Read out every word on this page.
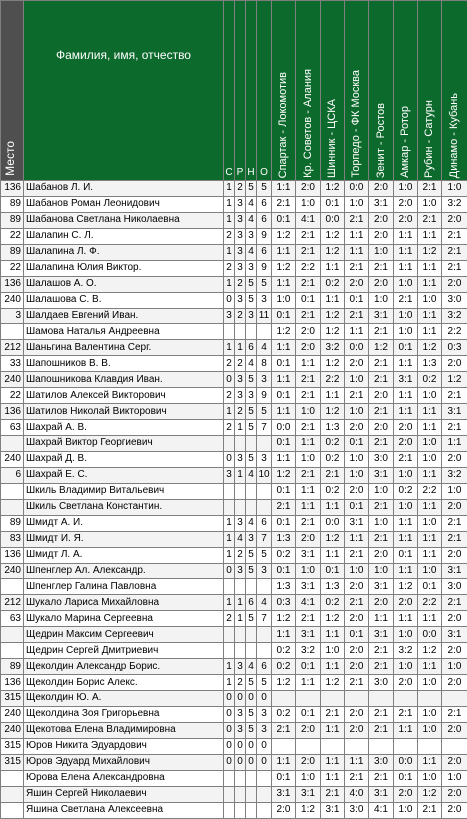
Место	Фамилия, имя, отчество	С	Р	Н	О	Спартак - Локомотив	Кр. Советов - Алания	Шинник - ЦСКА	Торпедо - ФК Москва	Зенит - Ростов	Амкар - Ротор	Рубин - Сатурн	Динамо - Кубань

136	Шабанов Л. И.	1	2	5	5	1:1	2:0	1:2	0:0	2:0	1:0	2:1	1:0
89	Шабанов Роман Леонидович	1	3	4	6	2:1	1:0	0:1	1:0	3:1	2:0	1:0	3:2
89	Шабанова Светлана Николаевна	1	3	4	6	0:1	4:1	0:0	2:1	2:0	2:0	2:1	2:0
22	Шалапин С. Л.	2	3	3	9	1:2	2:1	1:2	1:1	2:0	1:1	1:1	2:1
89	Шалапина Л. Ф.	1	3	4	6	1:1	2:1	1:2	1:1	1:0	1:1	1:2	2:1
22	Шалапина Юлия Виктор.	2	3	3	9	1:2	2:2	1:1	2:1	2:1	1:1	1:1	2:1
136	Шалашов А. О.	1	2	5	5	1:1	2:1	0:2	2:0	2:0	1:0	1:1	2:0
240	Шалашова С. В.	0	3	5	3	1:0	0:1	1:1	0:1	1:0	2:1	1:0	3:0
3	Шалдаев Евгений Иван.	3	2	3	11	0:1	2:1	1:2	2:1	3:1	1:0	1:1	3:2
	Шамова Наталья Андреевна					1:2	2:0	1:2	1:1	2:1	1:0	1:1	2:2
212	Шаньгина Валентина Серг.	1	1	6	4	1:1	2:0	3:2	0:0	1:2	0:1	1:2	0:3
33	Шапошников В. В.	2	2	4	8	0:1	1:1	1:2	2:0	2:1	1:1	1:3	2:0
240	Шапошникова Клавдия Иван.	0	3	5	3	1:1	2:1	2:2	1:0	2:1	3:1	0:2	1:2
22	Шатилов Алексей Викторович	2	3	3	9	0:1	2:1	1:1	2:1	2:0	1:1	1:0	2:1
136	Шатилов Николай Викторович	1	2	5	5	1:1	1:0	1:2	1:0	2:1	1:1	1:1	3:1
63	Шахрай А. В.	2	1	5	7	0:0	2:1	1:3	2:0	2:0	2:0	1:1	2:1
	Шахрай Виктор Георгиевич					0:1	1:1	0:2	0:1	2:1	2:0	1:0	1:1
240	Шахрай Д. В.	0	3	5	3	1:1	1:0	0:2	1:0	3:0	2:1	1:0	2:0
6	Шахрай Е. С.	3	1	4	10	1:2	2:1	2:1	1:0	3:1	1:0	1:1	3:2
	Шкиль Владимир Витальевич					0:1	1:1	0:2	2:0	1:0	0:2	2:2	1:0
	Шкиль Светлана Константин.					2:1	1:1	1:1	0:1	2:1	1:0	1:1	2:0
89	Шмидт А. И.	1	3	4	6	0:1	2:1	0:0	3:1	1:0	1:1	1:0	2:1
83	Шмидт И. Я.	1	4	3	7	1:3	2:0	1:2	1:1	2:1	1:1	1:1	2:1
136	Шмидт Л. А.	1	2	5	5	0:2	3:1	1:1	2:1	2:0	0:1	1:1	2:0
240	Шпенглер Ал. Александр.	0	3	5	3	0:1	1:0	0:1	1:0	1:0	1:1	1:0	3:1
	Шпенглер Галина Павловна					1:3	3:1	1:3	2:0	3:1	1:2	0:1	3:0
212	Шукало Лариса Михайловна	1	1	6	4	0:3	4:1	0:2	2:1	2:0	2:0	2:2	2:1
63	Шукало Марина Сергеевна	2	1	5	7	1:2	2:1	1:2	2:0	1:1	1:1	1:1	2:0
	Щедрин Максим Сергеевич					1:1	3:1	1:1	0:1	3:1	1:0	0:0	3:1
	Щедрин Сергей Дмитриевич					0:2	3:2	1:0	2:0	2:1	3:2	1:2	2:0
89	Щеколдин Александр Борис.	1	3	4	6	0:2	0:1	1:1	2:0	2:1	1:0	1:1	1:0
136	Щеколдин Борис Алекс.	1	2	5	5	1:2	1:1	1:2	2:1	3:0	2:0	1:0	2:0
315	Щеколдин Ю. А.	0	0	0	0								
240	Щеколдина Зоя Григорьевна	0	3	5	3	0:2	0:1	2:1	2:0	2:1	2:1	1:0	2:1
240	Щекотова Елена Владимировна	0	3	5	3	2:1	2:0	1:1	2:0	2:1	1:1	1:0	2:0
315	Юров Никита Эдуардович	0	0	0	0								
315	Юров Эдуард Михайлович	0	0	0	0	1:1	2:0	1:1	1:1	3:0	0:0	1:1	2:0
	Юрова Елена Александровна					0:1	1:0	1:1	2:1	2:1	0:1	1:0	1:0
	Яшин Сергей Николаевич					3:1	3:1	2:1	4:0	3:1	2:0	1:2	2:0
	Яшина Светлана Алексеевна					2:0	1:2	3:1	3:0	4:1	1:0	2:1	2:0
